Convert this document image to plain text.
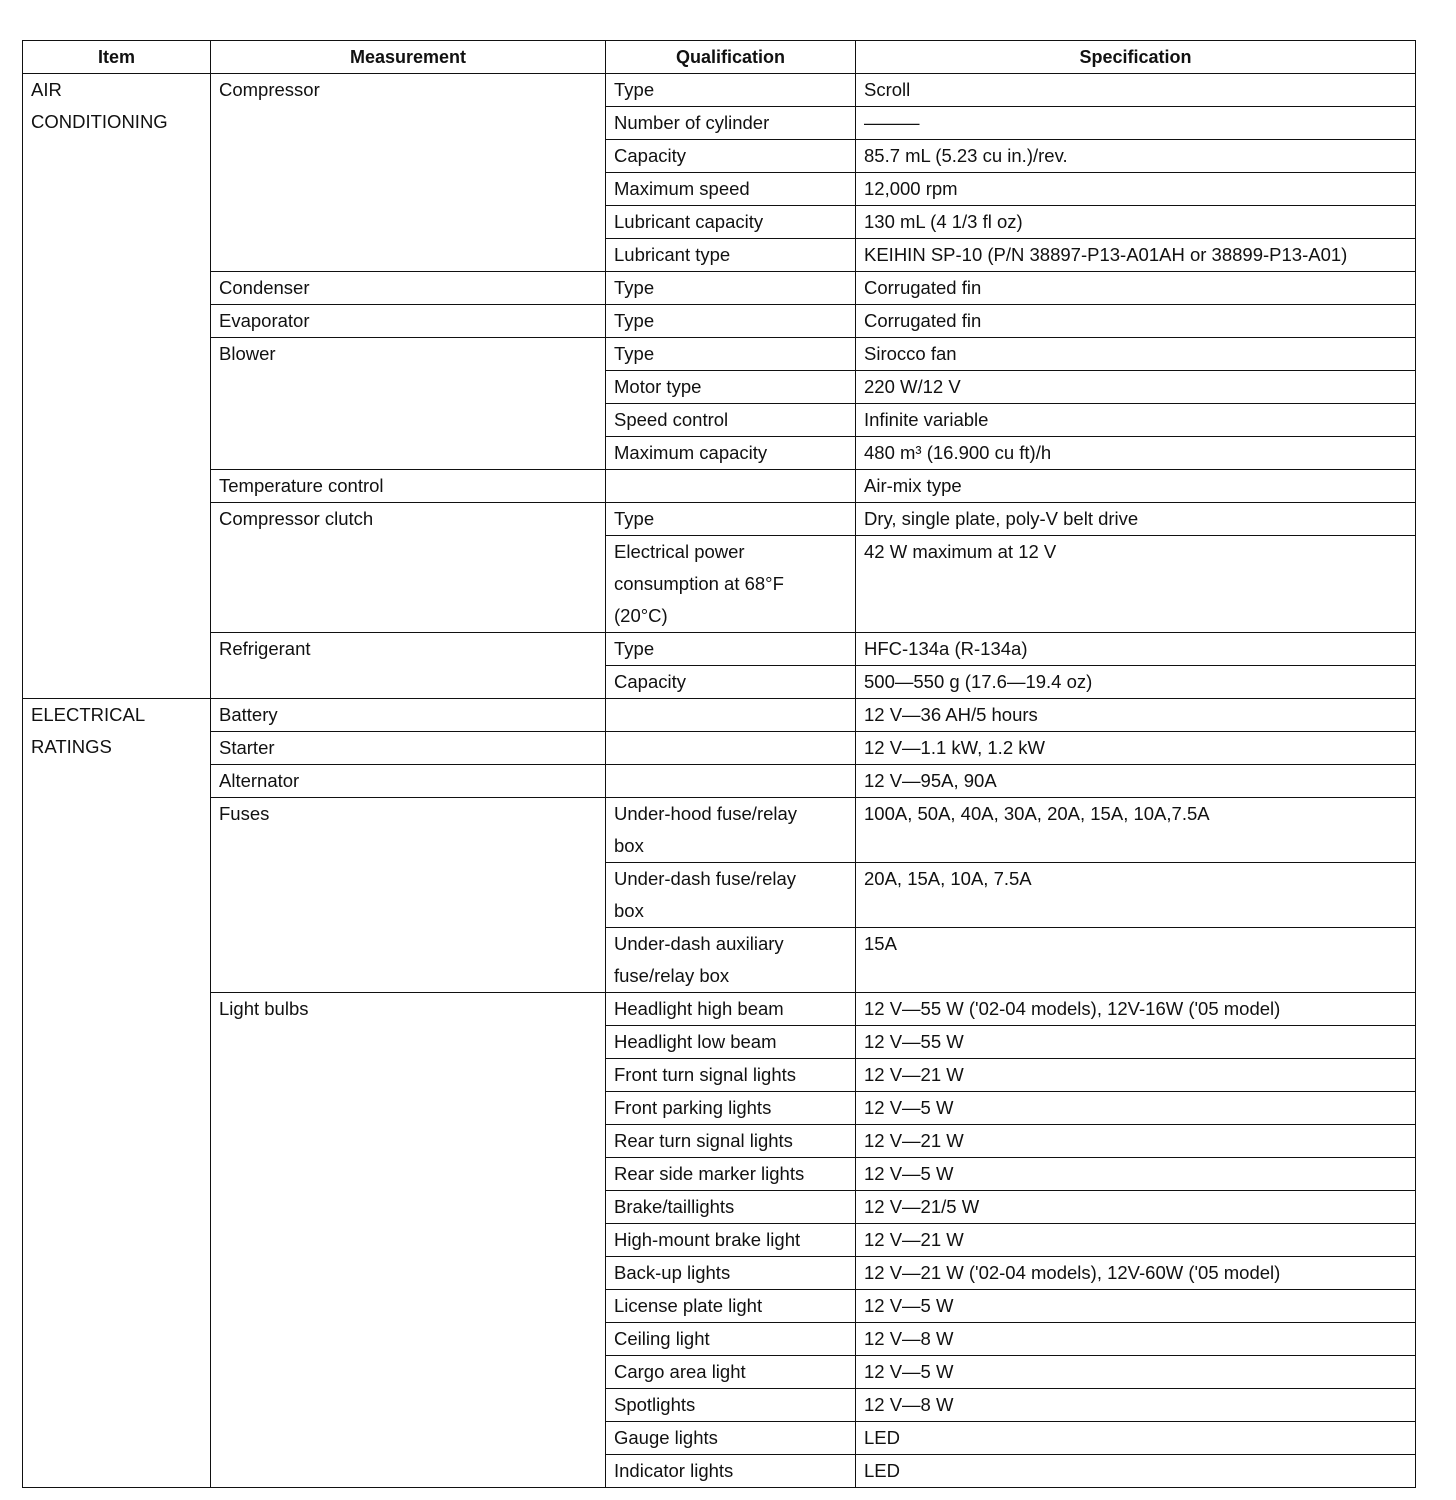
Item	Measurement	Qualification	Specification
AIR
CONDITIONING	Compressor	Type	Scroll
		Number of cylinder	———
		Capacity	85.7 mL (5.23 cu in.)/rev.
		Maximum speed	12,000 rpm
		Lubricant capacity	130 mL (4 1/3 fl oz)
		Lubricant type	KEIHIN SP-10 (P/N 38897-P13-A01AH or 38899-P13-A01)
	Condenser	Type	Corrugated fin
	Evaporator	Type	Corrugated fin
	Blower	Type	Sirocco fan
		Motor type	220 W/12 V
		Speed control	Infinite variable
		Maximum capacity	480 m³ (16.900 cu ft)/h
	Temperature control		Air-mix type
	Compressor clutch	Type	Dry, single plate, poly-V belt drive
		Electrical power
consumption at 68°F
(20°C)	42 W maximum at 12 V
	Refrigerant	Type	HFC-134a (R-134a)
		Capacity	500—550 g (17.6—19.4 oz)
ELECTRICAL
RATINGS	Battery		12 V—36 AH/5 hours
	Starter		12 V—1.1 kW, 1.2 kW
	Alternator		12 V—95A, 90A
	Fuses	Under-hood fuse/relay
box	100A, 50A, 40A, 30A, 20A, 15A, 10A,7.5A
		Under-dash fuse/relay
box	20A, 15A, 10A, 7.5A
		Under-dash auxiliary
fuse/relay box	15A
	Light bulbs	Headlight high beam	12 V—55 W ('02-04 models), 12V-16W ('05 model)
		Headlight low beam	12 V—55 W
		Front turn signal lights	12 V—21 W
		Front parking lights	12 V—5 W
		Rear turn signal lights	12 V—21 W
		Rear side marker lights	12 V—5 W
		Brake/taillights	12 V—21/5 W
		High-mount brake light	12 V—21 W
		Back-up lights	12 V—21 W ('02-04 models), 12V-60W ('05 model)
		License plate light	12 V—5 W
		Ceiling light	12 V—8 W
		Cargo area light	12 V—5 W
		Spotlights	12 V—8 W
		Gauge lights	LED
		Indicator lights	LED
